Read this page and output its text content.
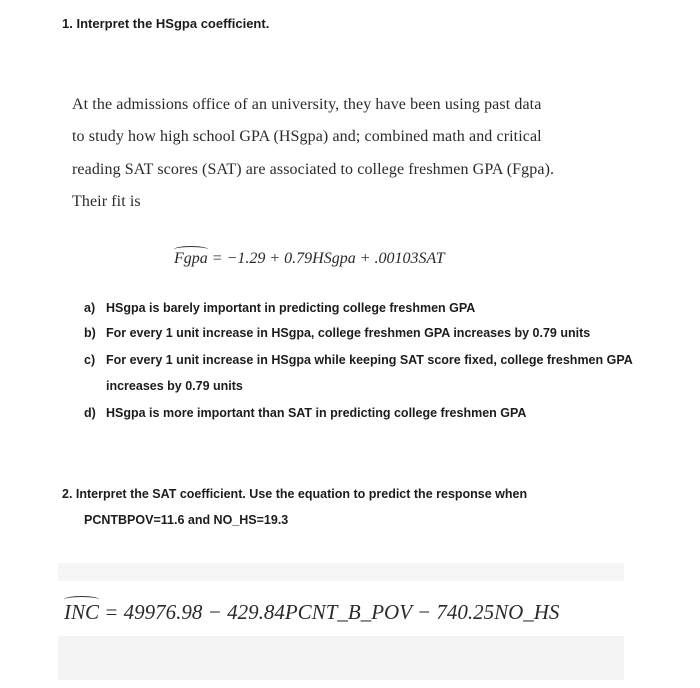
1. Interpret the HSgpa coefficient.
At the admissions office of an university, they have been using past data
to study how high school GPA (HSgpa) and; combined math and critical
reading SAT scores (SAT) are associated to college freshmen GPA (Fgpa).
Their fit is
Fgpa = −1.29 + 0.79HSgpa + .00103SAT
a) HSgpa is barely important in predicting college freshmen GPA
b) For every 1 unit increase in HSgpa, college freshmen GPA increases by 0.79 units
c) For every 1 unit increase in HSgpa while keeping SAT score fixed, college freshmen GPA
increases by 0.79 units
d) HSgpa is more important than SAT in predicting college freshmen GPA
2. Interpret the SAT coefficient. Use the equation to predict the response when
PCNTBPOV=11.6 and NO_HS=19.3
INC = 49976.98 − 429.84PCNT_B_POV − 740.25NO_HS
